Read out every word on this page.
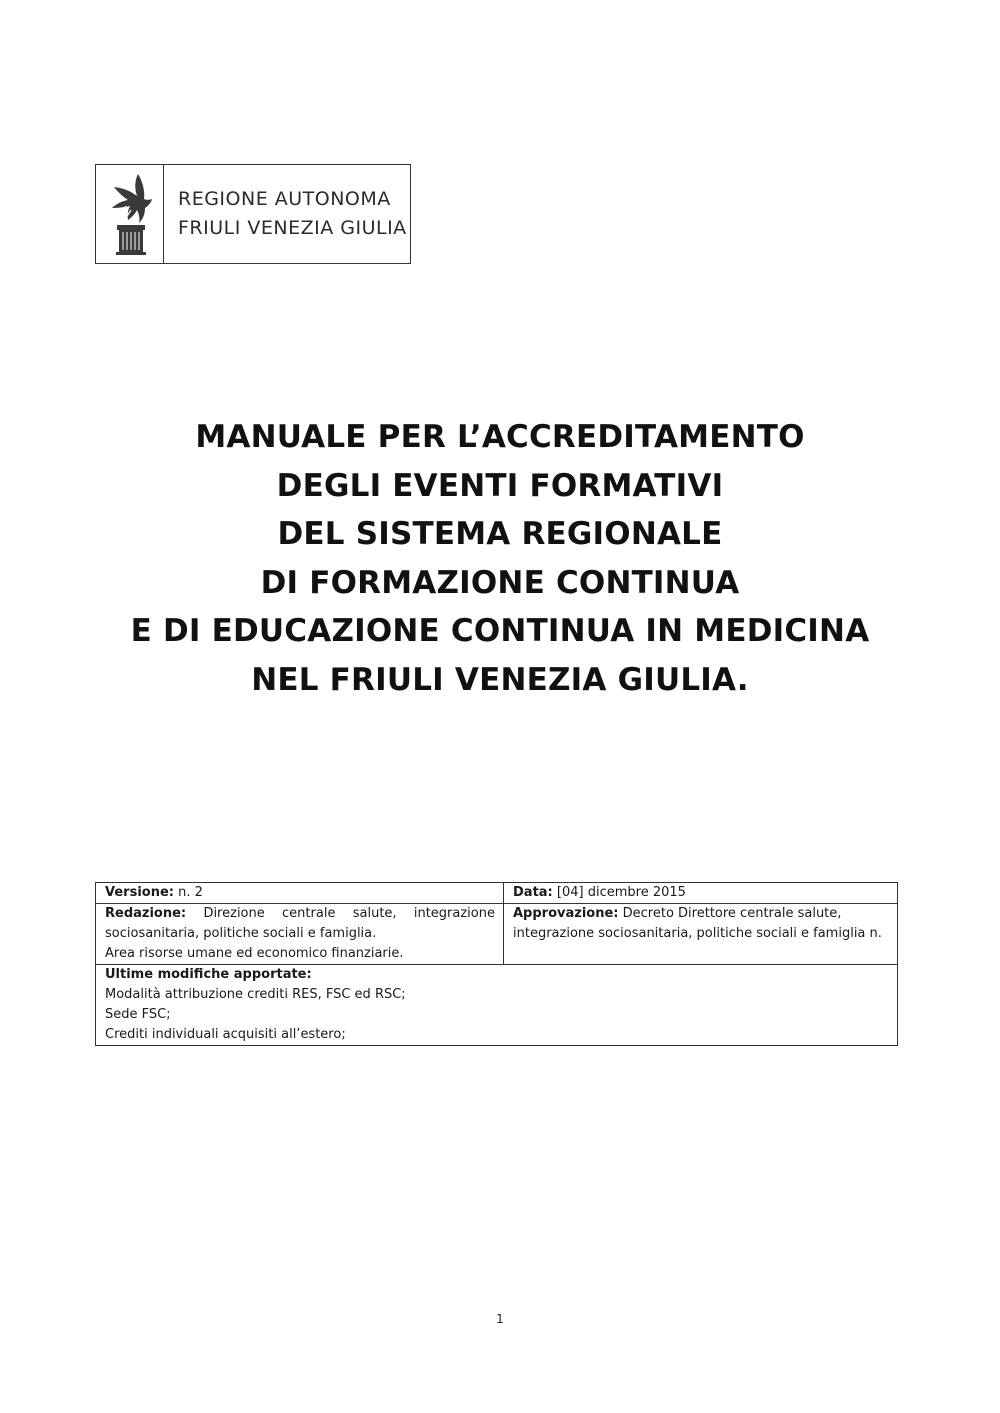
REGIONE AUTONOMA
FRIULI VENEZIA GIULIA
MANUALE PER L’ACCREDITAMENTO
DEGLI EVENTI FORMATIVI
DEL SISTEMA REGIONALE
DI FORMAZIONE CONTINUA
E DI EDUCAZIONE CONTINUA IN MEDICINA
NEL FRIULI VENEZIA GIULIA.
Versione: n. 2	Data: [04] dicembre 2015
Redazione: Direzione centrale salute, integrazione sociosanitaria, politiche sociali e famiglia.
Area risorse umane ed economico finanziarie.	Approvazione: Decreto Direttore centrale salute, integrazione sociosanitaria, politiche sociali e famiglia n.

Ultime modifiche apportate:
Modalità attribuzione crediti RES, FSC ed RSC;
Sede FSC;
Crediti individuali acquisiti all’estero;	
1
